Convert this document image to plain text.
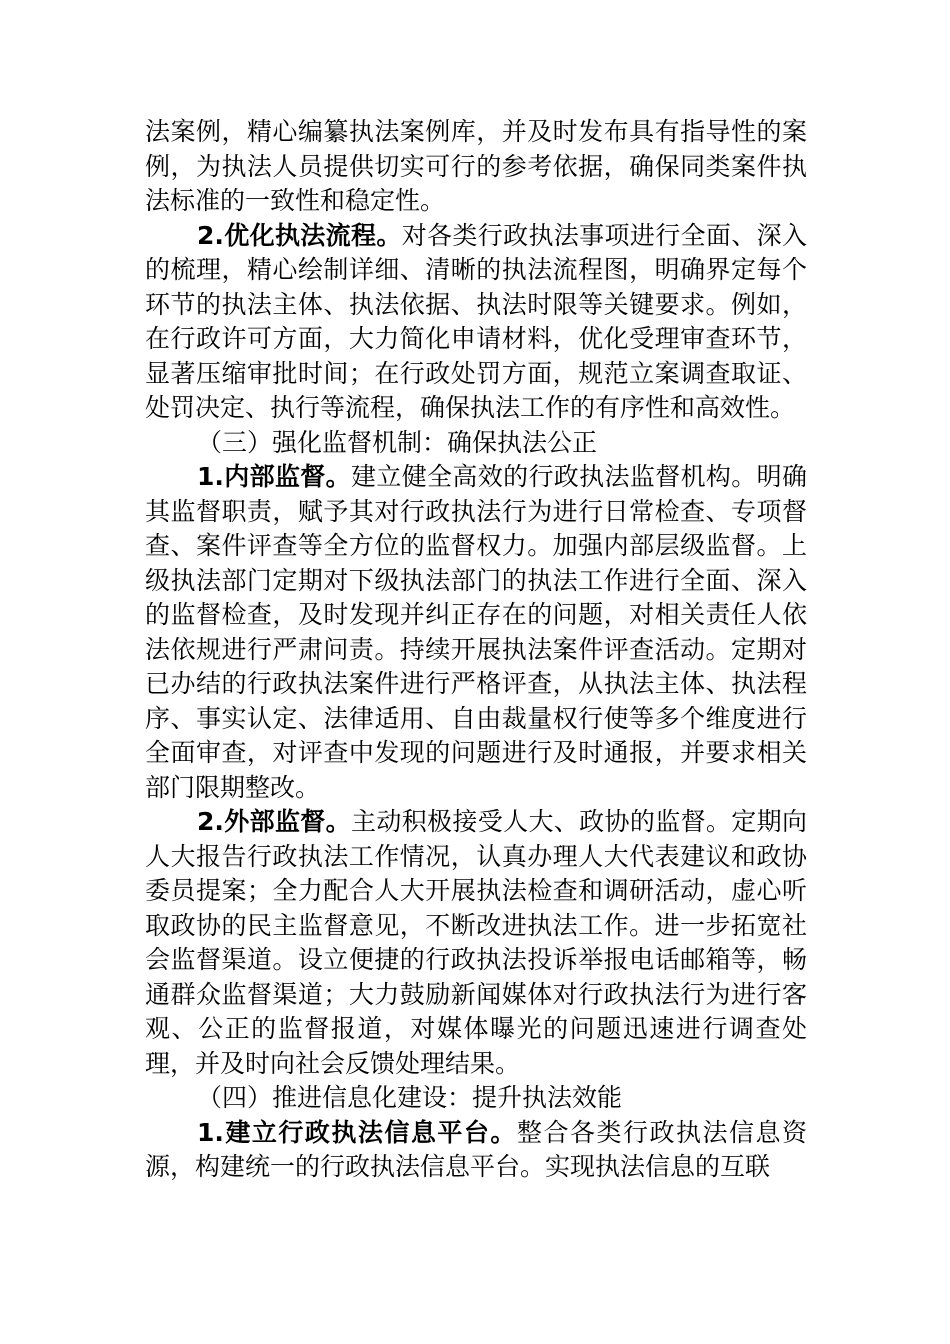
法案例，精心编纂执法案例库，并及时发布具有指导性的案例，为执法人员提供切实可行的参考依据，确保同类案件执法标准的一致性和稳定性。

2.优化执法流程。对各类行政执法事项进行全面、深入的梳理，精心绘制详细、清晰的执法流程图，明确界定每个环节的执法主体、执法依据、执法时限等关键要求。例如，在行政许可方面，大力简化申请材料，优化受理审查环节，显著压缩审批时间；在行政处罚方面，规范立案调查取证、处罚决定、执行等流程，确保执法工作的有序性和高效性。

（三）强化监督机制：确保执法公正

1.内部监督。建立健全高效的行政执法监督机构。明确其监督职责，赋予其对行政执法行为进行日常检查、专项督查、案件评查等全方位的监督权力。加强内部层级监督。上级执法部门定期对下级执法部门的执法工作进行全面、深入的监督检查，及时发现并纠正存在的问题，对相关责任人依法依规进行严肃问责。持续开展执法案件评查活动。定期对已办结的行政执法案件进行严格评查，从执法主体、执法程序、事实认定、法律适用、自由裁量权行使等多个维度进行全面审查，对评查中发现的问题进行及时通报，并要求相关部门限期整改。

2.外部监督。主动积极接受人大、政协的监督。定期向人大报告行政执法工作情况，认真办理人大代表建议和政协委员提案；全力配合人大开展执法检查和调研活动，虚心听取政协的民主监督意见，不断改进执法工作。进一步拓宽社会监督渠道。设立便捷的行政执法投诉举报电话邮箱等，畅通群众监督渠道；大力鼓励新闻媒体对行政执法行为进行客观、公正的监督报道，对媒体曝光的问题迅速进行调查处理，并及时向社会反馈处理结果。

（四）推进信息化建设：提升执法效能

1.建立行政执法信息平台。整合各类行政执法信息资源，构建统一的行政执法信息平台。实现执法信息的互联
